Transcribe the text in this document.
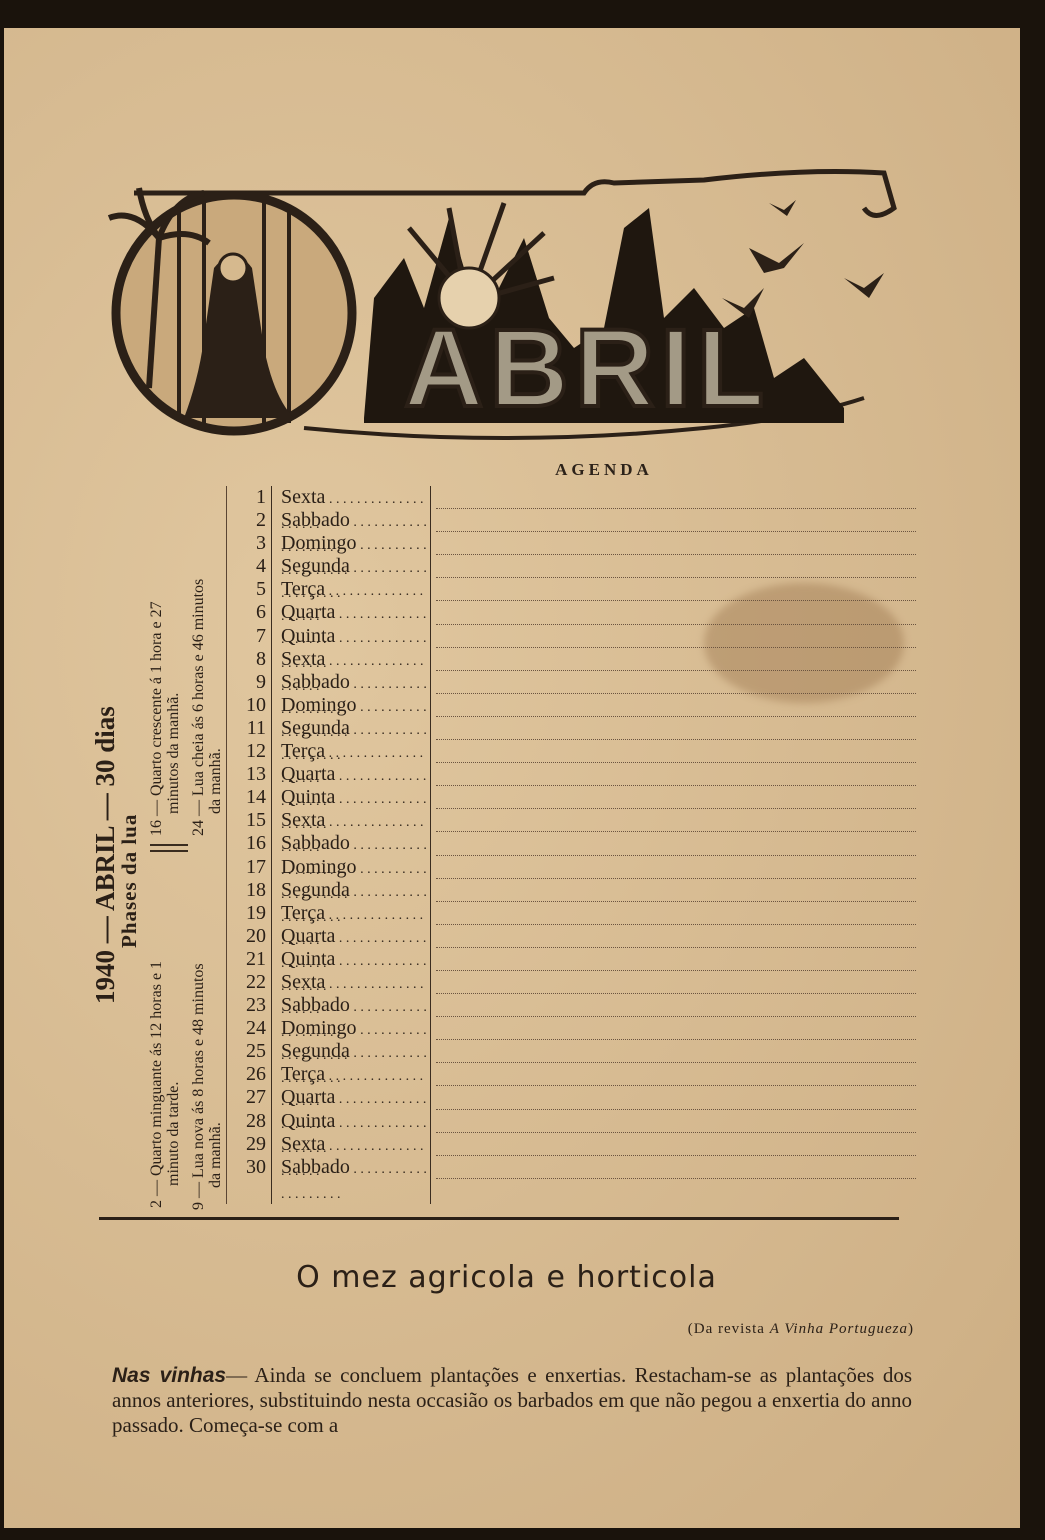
ABRIL
AGENDA
1940 — ABRIL — 30 dias
Phases da lua
2 — Quarto minguante ás 12 horas e 1 minuto da tarde. 9 — Lua nova ás 8 horas e 48 minutos da manhã.
16 — Quarto crescente á 1 hora e 27 minutos da manhã. 24 — Lua cheia ás 6 horas e 46 minutos da manhã.
1 Sexta . . .
2 Sabbado . . .
3 Domingo . . .
4 Segunda . . .
5 Terça . . .
6 Quarta . . .
7 Quinta . . .
8 Sexta . . .
9 Sabbado . . .
10 Domingo . . .
11 Segunda . . .
12 Terça . . .
13 Quarta . . .
14 Quinta . . .
15 Sexta . . .
16 Sabbado . . .
17 Domingo . . .
18 Segunda . . .
19 Terça . . .
20 Quarta . . .
21 Quinta . . .
22 Sexta . . .
23 Sabbado . . .
24 Domingo . . .
25 Segunda . . .
26 Terça . . .
27 Quarta . . .
28 Quinta . . .
29 Sexta . . .
30 Sabbado . . .
O mez agricola e horticola
(Da revista A Vinha Portugueza)
Nas vinhas— Ainda se concluem plantações e enxertias. Restacham-se as plantações dos annos anteriores, substituindo nesta occasião os barbados em que não pegou a enxertia do anno passado. Começa-se com a
